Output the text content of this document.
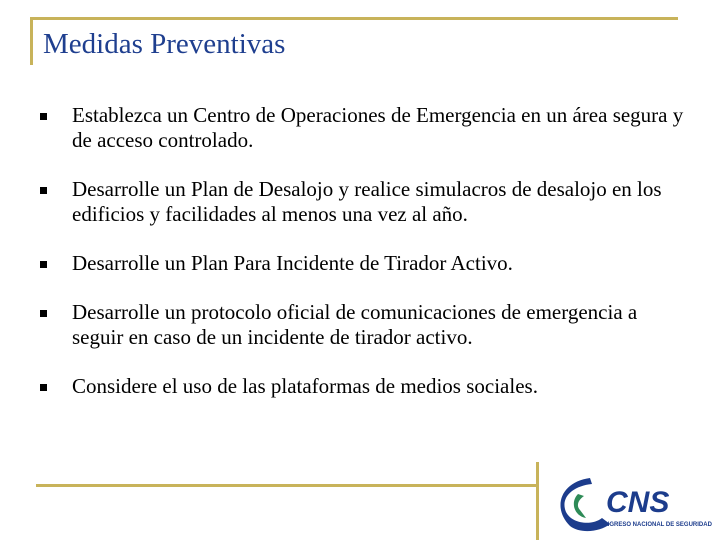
Medidas Preventivas
Establezca un Centro de Operaciones de Emergencia en un área segura y de acceso controlado.
Desarrolle un Plan de Desalojo y realice simulacros de desalojo en los edificios y facilidades al menos una vez al año.
Desarrolle un Plan Para Incidente de Tirador Activo.
Desarrolle un protocolo oficial de comunicaciones de emergencia a seguir en caso de un incidente de tirador activo.
Considere el uso de las plataformas de medios sociales.
CNS
CONGRESO NACIONAL DE SEGURIDAD
